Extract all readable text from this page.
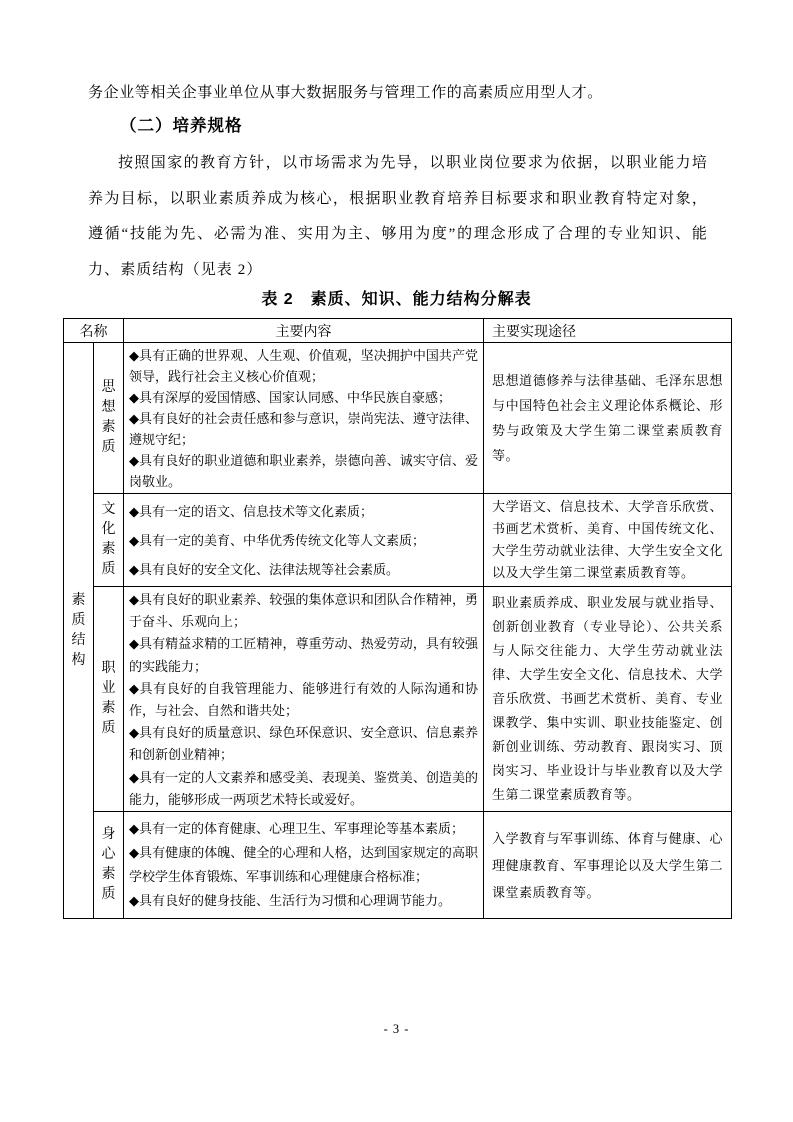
务企业等相关企事业单位从事大数据服务与管理工作的高素质应用型人才。

（二）培养规格

按照国家的教育方针，以市场需求为先导，以职业岗位要求为依据，以职业能力培养为目标，以职业素质养成为核心，根据职业教育培养目标要求和职业教育特定对象，遵循“技能为先、必需为准、实用为主、够用为度”的理念形成了合理的专业知识、能力、素质结构（见表 2）

表 2　素质、知识、能力结构分解表
名称		主要内容	主要实现途径
素质结构	思想素质	◆具有正确的世界观、人生观、价值观，坚决拥护中国共产党领导，践行社会主义核心价值观；
◆具有深厚的爱国情感、国家认同感、中华民族自豪感；
◆具有良好的社会责任感和参与意识，崇尚宪法、遵守法律、遵规守纪；
◆具有良好的职业道德和职业素养，崇德向善、诚实守信、爱岗敬业。	思想道德修养与法律基础、毛泽东思想与中国特色社会主义理论体系概论、形势与政策及大学生第二课堂素质教育等。

	文化素质	◆具有一定的语文、信息技术等文化素质；
◆具有一定的美育、中华优秀传统文化等人文素质；
◆具有良好的安全文化、法律法规等社会素质。	大学语文、信息技术、大学音乐欣赏、书画艺术赏析、美育、中国传统文化、大学生劳动就业法律、大学生安全文化以及大学生第二课堂素质教育等。

	职业素质	◆具有良好的职业素养、较强的集体意识和团队合作精神，勇于奋斗、乐观向上；
◆具有精益求精的工匠精神，尊重劳动、热爱劳动，具有较强的实践能力；
◆具有良好的自我管理能力、能够进行有效的人际沟通和协作，与社会、自然和谐共处；
◆具有良好的质量意识、绿色环保意识、安全意识、信息素养和创新创业精神；
◆具有一定的人文素养和感受美、表现美、鉴赏美、创造美的能力，能够形成一两项艺术特长或爱好。	职业素质养成、职业发展与就业指导、创新创业教育（专业导论）、公共关系与人际交往能力、大学生劳动就业法律、大学生安全文化、信息技术、大学音乐欣赏、书画艺术赏析、美育、专业课教学、集中实训、职业技能鉴定、创新创业训练、劳动教育、跟岗实习、顶岗实习、毕业设计与毕业教育以及大学生第二课堂素质教育等。

	身心素质	◆具有一定的体育健康、心理卫生、军事理论等基本素质；
◆具有健康的体魄、健全的心理和人格，达到国家规定的高职学校学生体育锻炼、军事训练和心理健康合格标准；
◆具有良好的健身技能、生活行为习惯和心理调节能力。	入学教育与军事训练、体育与健康、心理健康教育、军事理论以及大学生第二课堂素质教育等。
- 3 -
